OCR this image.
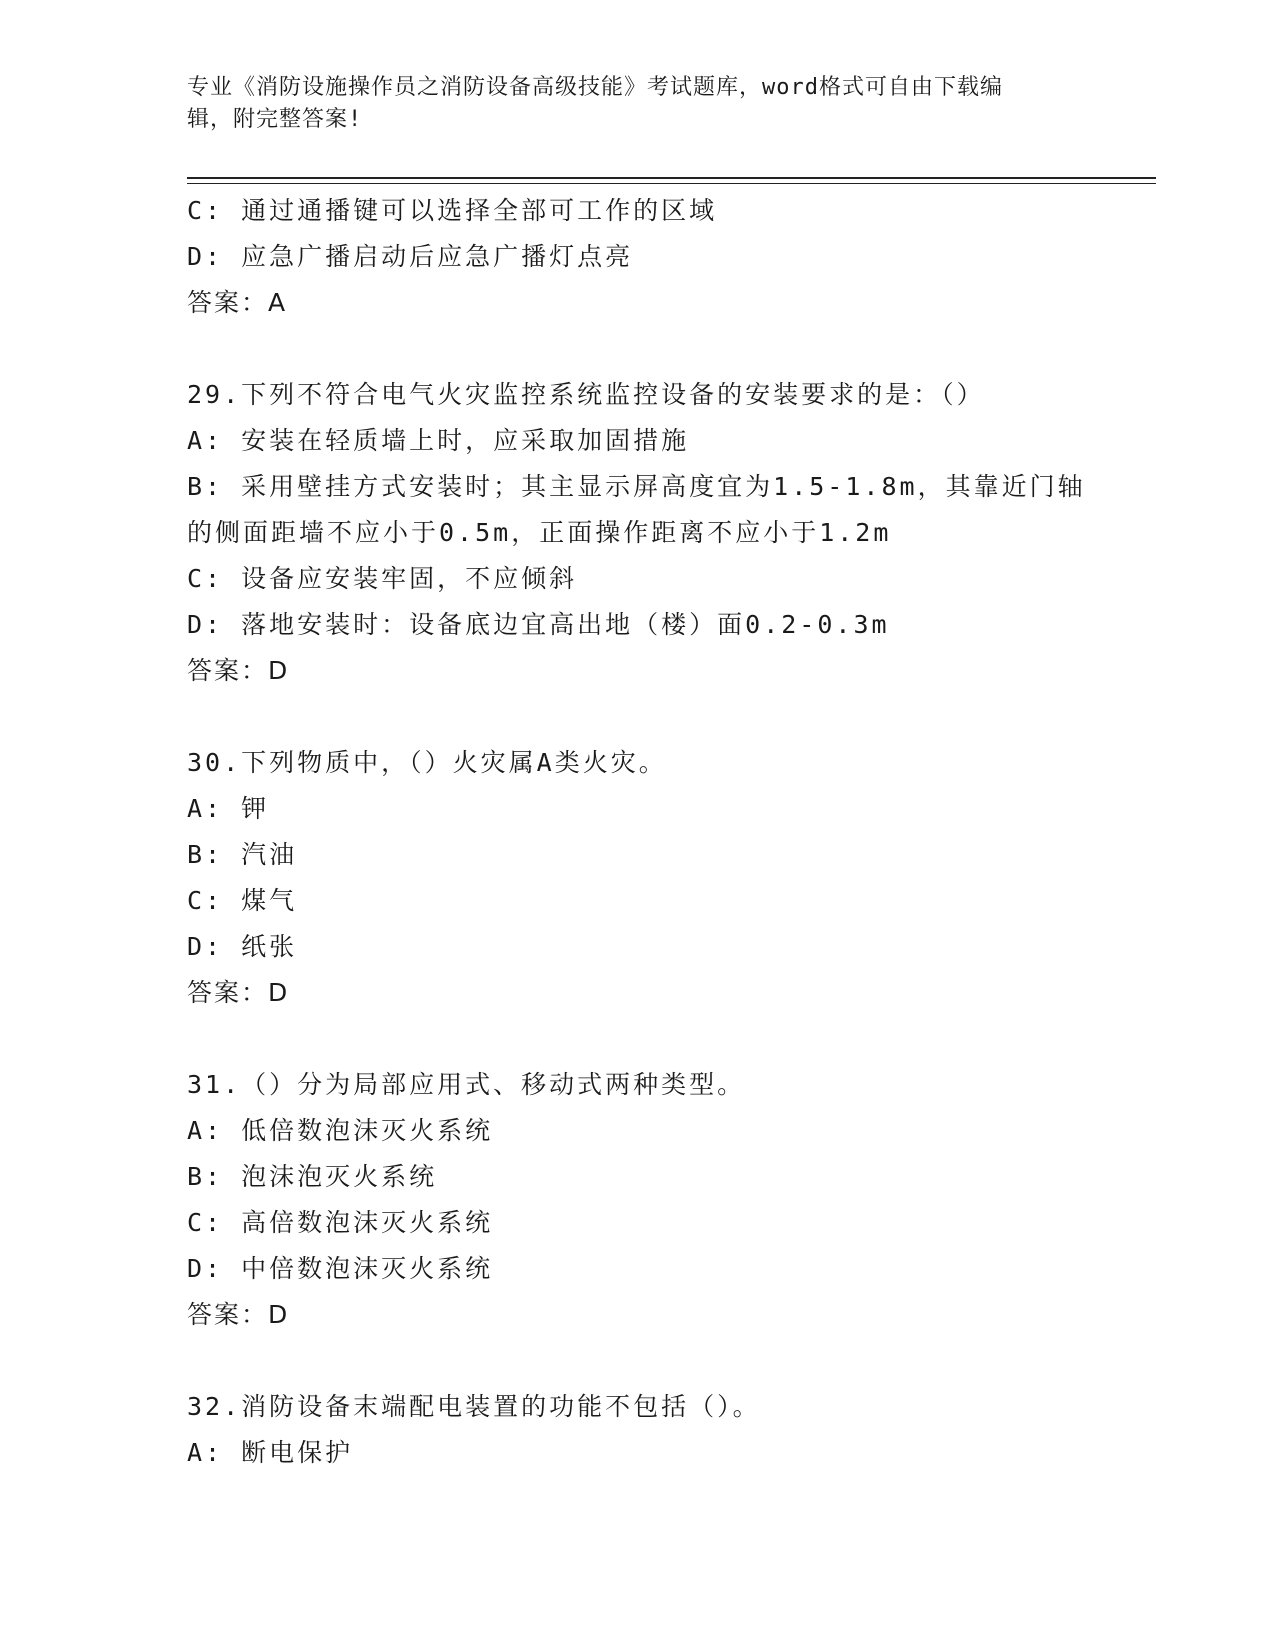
专业《消防设施操作员之消防设备高级技能》考试题库，word格式可自由下载编
辑，附完整答案!
C: 通过通播键可以选择全部可工作的区域
D: 应急广播启动后应急广播灯点亮
答案：A
29.下列不符合电气火灾监控系统监控设备的安装要求的是：（）
A: 安装在轻质墙上时，应采取加固措施
B: 采用壁挂方式安装时；其主显示屏高度宜为1.5-1.8m，其靠近门轴
的侧面距墙不应小于0.5m，正面操作距离不应小于1.2m
C: 设备应安装牢固，不应倾斜
D: 落地安装时：设备底边宜高出地（楼）面0.2-0.3m
答案：D
30.下列物质中，（）火灾属A类火灾。
A: 钾
B: 汽油
C: 煤气
D: 纸张
答案：D
31.（）分为局部应用式、移动式两种类型。
A: 低倍数泡沫灭火系统
B: 泡沫泡灭火系统
C: 高倍数泡沫灭火系统
D: 中倍数泡沫灭火系统
答案：D
32.消防设备末端配电装置的功能不包括（）。
A: 断电保护
